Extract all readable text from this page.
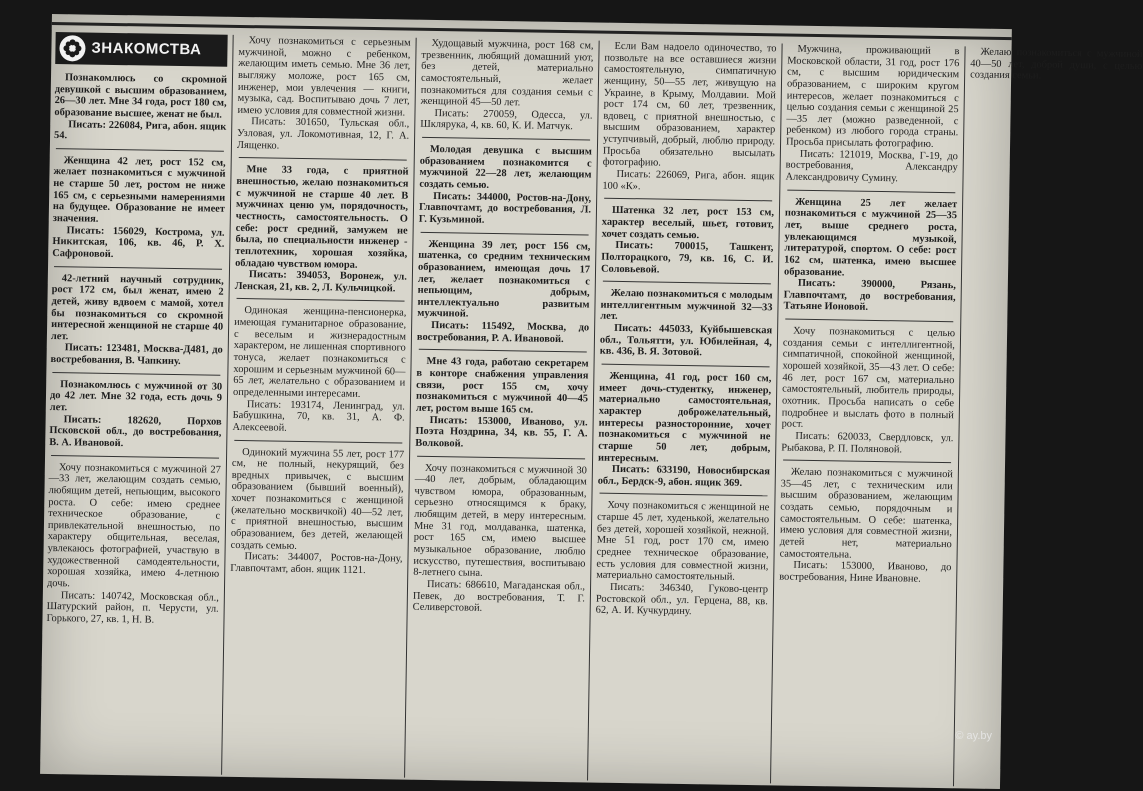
ЗНАКОМСТВА
Познакомлюсь со скромной девушкой с высшим образованием, 26—30 лет. Мне 34 года, рост 180 см, образование высшее, женат не был.
Писать: 226084, Рига, абон. ящик 54.
Женщина 42 лет, рост 152 см, желает познакомиться с мужчиной не старше 50 лет, ростом не ниже 165 см, с серьезными намерениями на будущее. Образование не имеет значения.
Писать: 156029, Кострома, ул. Никитская, 106, кв. 46, Р. Х. Сафроновой.
42-летний научный сотрудник, рост 172 см, был женат, имею 2 детей, живу вдвоем с мамой, хотел бы познакомиться со скромной интересной женщиной не старше 40 лет.
Писать: 123481, Москва-Д481, до востребования, В. Чапкину.
Познакомлюсь с мужчиной от 30 до 42 лет. Мне 32 года, есть дочь 9 лет.
Писать: 182620, Порхов Псковской обл., до востребования, В. А. Ивановой.
Хочу познакомиться с мужчиной 27—33 лет, желающим создать семью, любящим детей, непьющим, высокого роста. О себе: имею среднее техническое образование, с привлекательной внешностью, по характеру общительная, веселая, увлекаюсь фотографией, участвую в художественной самодеятельности, хорошая хозяйка, имею 4-летнюю дочь.
Писать: 140742, Московская обл., Шатурский район, п. Черусти, ул. Горького, 27, кв. 1, Н. В.
Хочу познакомиться с серьезным мужчиной, можно с ребенком, желающим иметь семью. Мне 36 лет, выгляжу моложе, рост 165 см, инженер, мои увлечения — книги, музыка, сад. Воспитываю дочь 7 лет, имею условия для совместной жизни.
Писать: 301650, Тульская обл., Узловая, ул. Локомотивная, 12, Г. А. Лященко.
Мне 33 года, с приятной внешностью, желаю познакомиться с мужчиной не старше 40 лет. В мужчинах ценю ум, порядочность, честность, самостоятельность. О себе: рост средний, замужем не была, по специальности инженер - теплотехник, хорошая хозяйка, обладаю чувством юмора.
Писать: 394053, Воронеж, ул. Ленская, 21, кв. 2, Л. Кульчицкой.
Одинокая женщина-пенсионерка, имеющая гуманитарное образование, с веселым и жизнерадостным характером, не лишенная спортивного тонуса, желает познакомиться с хорошим и серьезным мужчиной 60—65 лет, желательно с образованием и определенными интересами.
Писать: 193174, Ленинград, ул. Бабушкина, 70, кв. 31, А. Ф. Алексеевой.
Одинокий мужчина 55 лет, рост 177 см, не полный, некурящий, без вредных привычек, с высшим образованием (бывший военный), хочет познакомиться с женщиной (желательно москвичкой) 40—52 лет, с приятной внешностью, высшим образованием, без детей, желающей создать семью.
Писать: 344007, Ростов-на-Дону, Главпочтамт, абон. ящик 1121.
Худощавый мужчина, рост 168 см, трезвенник, любящий домашний уют, без детей, материально самостоятельный, желает познакомиться для создания семьи с женщиной 45—50 лет.
Писать: 270059, Одесса, ул. Шклярука, 4, кв. 60, К. И. Матчук.
Молодая девушка с высшим образованием познакомится с мужчиной 22—28 лет, желающим создать семью.
Писать: 344000, Ростов-на-Дону, Главпочтамт, до востребования, Л. Г. Кузьминой.
Женщина 39 лет, рост 156 см, шатенка, со средним техническим образованием, имеющая дочь 17 лет, желает познакомиться с непьющим, добрым, интеллектуально развитым мужчиной.
Писать: 115492, Москва, до востребования, Р. А. Ивановой.
Мне 43 года, работаю секретарем в конторе снабжения управления связи, рост 155 см, хочу познакомиться с мужчиной 40—45 лет, ростом выше 165 см.
Писать: 153000, Иваново, ул. Поэта Ноздрина, 34, кв. 55, Г. А. Волковой.
Хочу познакомиться с мужчиной 30—40 лет, добрым, обладающим чувством юмора, образованным, серьезно относящимся к браку, любящим детей, в меру интересным. Мне 31 год, молдаванка, шатенка, рост 165 см, имею высшее музыкальное образование, люблю искусство, путешествия, воспитываю 8-летнего сына.
Писать: 686610, Магаданская обл., Певек, до востребования, Т. Г. Селиверстовой.
Если Вам надоело одиночество, то позвольте на все оставшиеся жизни самостоятельную, симпатичную женщину, 50—55 лет, живущую на Украине, в Крыму, Молдавии. Мой рост 174 см, 60 лет, трезвенник, вдовец, с приятной внешностью, с высшим образованием, характер уступчивый, добрый, люблю природу. Просьба обязательно высылать фотографию.
Писать: 226069, Рига, абон. ящик 100 «К».
Шатенка 32 лет, рост 153 см, характер веселый, шьет, готовит, хочет создать семью.
Писать: 700015, Ташкент, Полторацкого, 79, кв. 16, С. И. Соловьевой.
Желаю познакомиться с молодым интеллигентным мужчиной 32—33 лет.
Писать: 445033, Куйбышевская обл., Тольятти, ул. Юбилейная, 4, кв. 436, В. Я. Зотовой.
Женщина, 41 год, рост 160 см, имеет дочь-студентку, инженер, материально самостоятельная, характер доброжелательный, интересы разносторонние, хочет познакомиться с мужчиной не старше 50 лет, добрым, интересным.
Писать: 633190, Новосибирская обл., Бердск-9, абон. ящик 369.
Хочу познакомиться с женщиной не старше 45 лет, худенькой, желательно без детей, хорошей хозяйкой, нежной. Мне 51 год, рост 170 см, имею среднее техническое образование, есть условия для совместной жизни, материально самостоятельный.
Писать: 346340, Гуково-центр Ростовской обл., ул. Герцена, 88, кв. 62, А. И. Кучкурдину.
Мужчина, проживающий в Московской области, 31 год, рост 176 см, с высшим юридическим образованием, с широким кругом интересов, желает познакомиться с целью создания семьи с женщиной 25—35 лет (можно разведенной, с ребенком) из любого города страны. Просьба присылать фотографию.
Писать: 121019, Москва, Г-19, до востребования, Александру Александровичу Сумину.
Женщина 25 лет желает познакомиться с мужчиной 25—35 лет, выше среднего роста, увлекающимся музыкой, литературой, спортом. О себе: рост 162 см, шатенка, имею высшее образование.
Писать: 390000, Рязань, Главпочтамт, до востребования, Татьяне Ионовой.
Хочу познакомиться с целью создания семьи с интеллигентной, симпатичной, спокойной женщиной, хорошей хозяйкой, 35—43 лет. О себе: 46 лет, рост 167 см, материально самостоятельный, любитель природы, охотник. Просьба написать о себе подробнее и выслать фото в полный рост.
Писать: 620033, Свердловск, ул. Рыбакова, Р. П. Поляновой.
Желаю познакомиться с мужчиной 35—45 лет, с техническим или высшим образованием, желающим создать семью, порядочным и самостоятельным. О себе: шатенка, имею условия для совместной жизни, детей нет, материально самостоятельна.
Писать: 153000, Иваново, до востребования, Нине Ивановне.
Желаю познакомиться с мужчиной 40—50 лет, доброй души, с целью создания семьи.
© ay.by
